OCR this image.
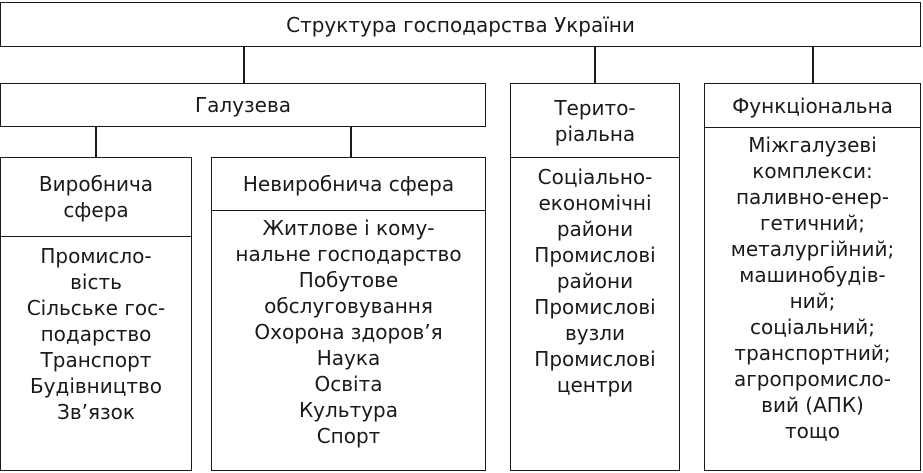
Структура господарства України
Галузева	Терито-
ріальна
Соціально-
економічні
райони
Промислові
райони
Промислові
вузли
Промислові
центри
Функціональна
Міжгалузеві
комплекси:
паливно-енер-
гетичний;
металургійний;
машинобудів-
ний;
соціальний;
транспортний;
агропромисло-
вий (АПК)
тощо
Виробнича
сфера
Промисло-
вість
Сільське гос-
подарство
Транспорт
Будівництво
Зв’язок
Невиробнича сфера
Житлове і кому-
нальне господарство
Побутове
обслуговування
Охорона здоров’я
Наука
Освіта
Культура
Спорт
